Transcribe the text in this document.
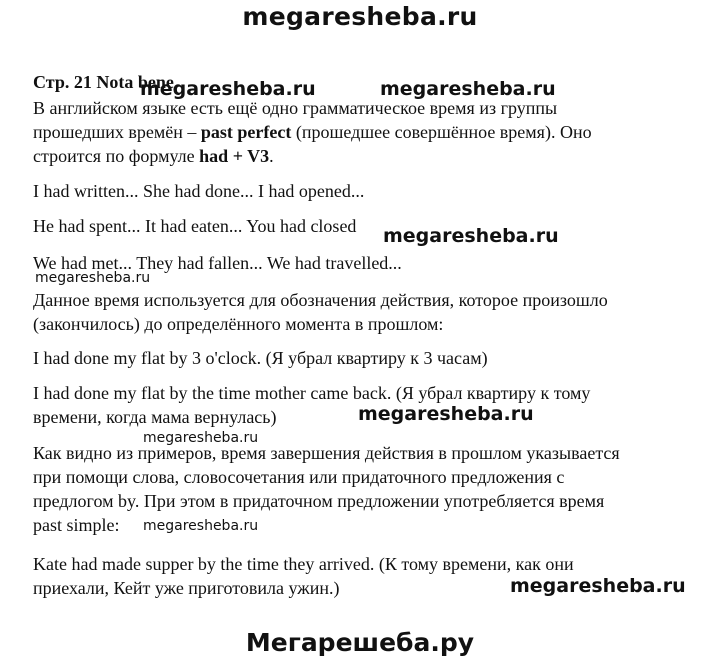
megaresheba.ru
Стр. 21 Nota bene
megaresheba.ru	megaresheba.ru
megaresheba.ru
megaresheba.ru
megaresheba.ru
megaresheba.ru
megaresheba.ru
megaresheba.ru
В английском языке есть ещё одно грамматическое время из группы
прошедших времён – past perfect (прошедшее совершённое время). Оно
строится по формуле had + V3.
I had written... She had done... I had opened...
He had spent... It had eaten... You had closed
We had met... They had fallen... We had travelled...
Данное время используется для обозначения действия, которое произошло
(закончилось) до определённого момента в прошлом:
I had done my flat by 3 o'clock. (Я убрал квартиру к 3 часам)
I had done my flat by the time mother came back. (Я убрал квартиру к тому
времени, когда мама вернулась)
Как видно из примеров, время завершения действия в прошлом указывается
при помощи слова, словосочетания или придаточного предложения с
предлогом by. При этом в придаточном предложении употребляется время
past simple:
Kate had made supper by the time they arrived. (К тому времени, как они
приехали, Кейт уже приготовила ужин.)
Мегарешеба.ру
